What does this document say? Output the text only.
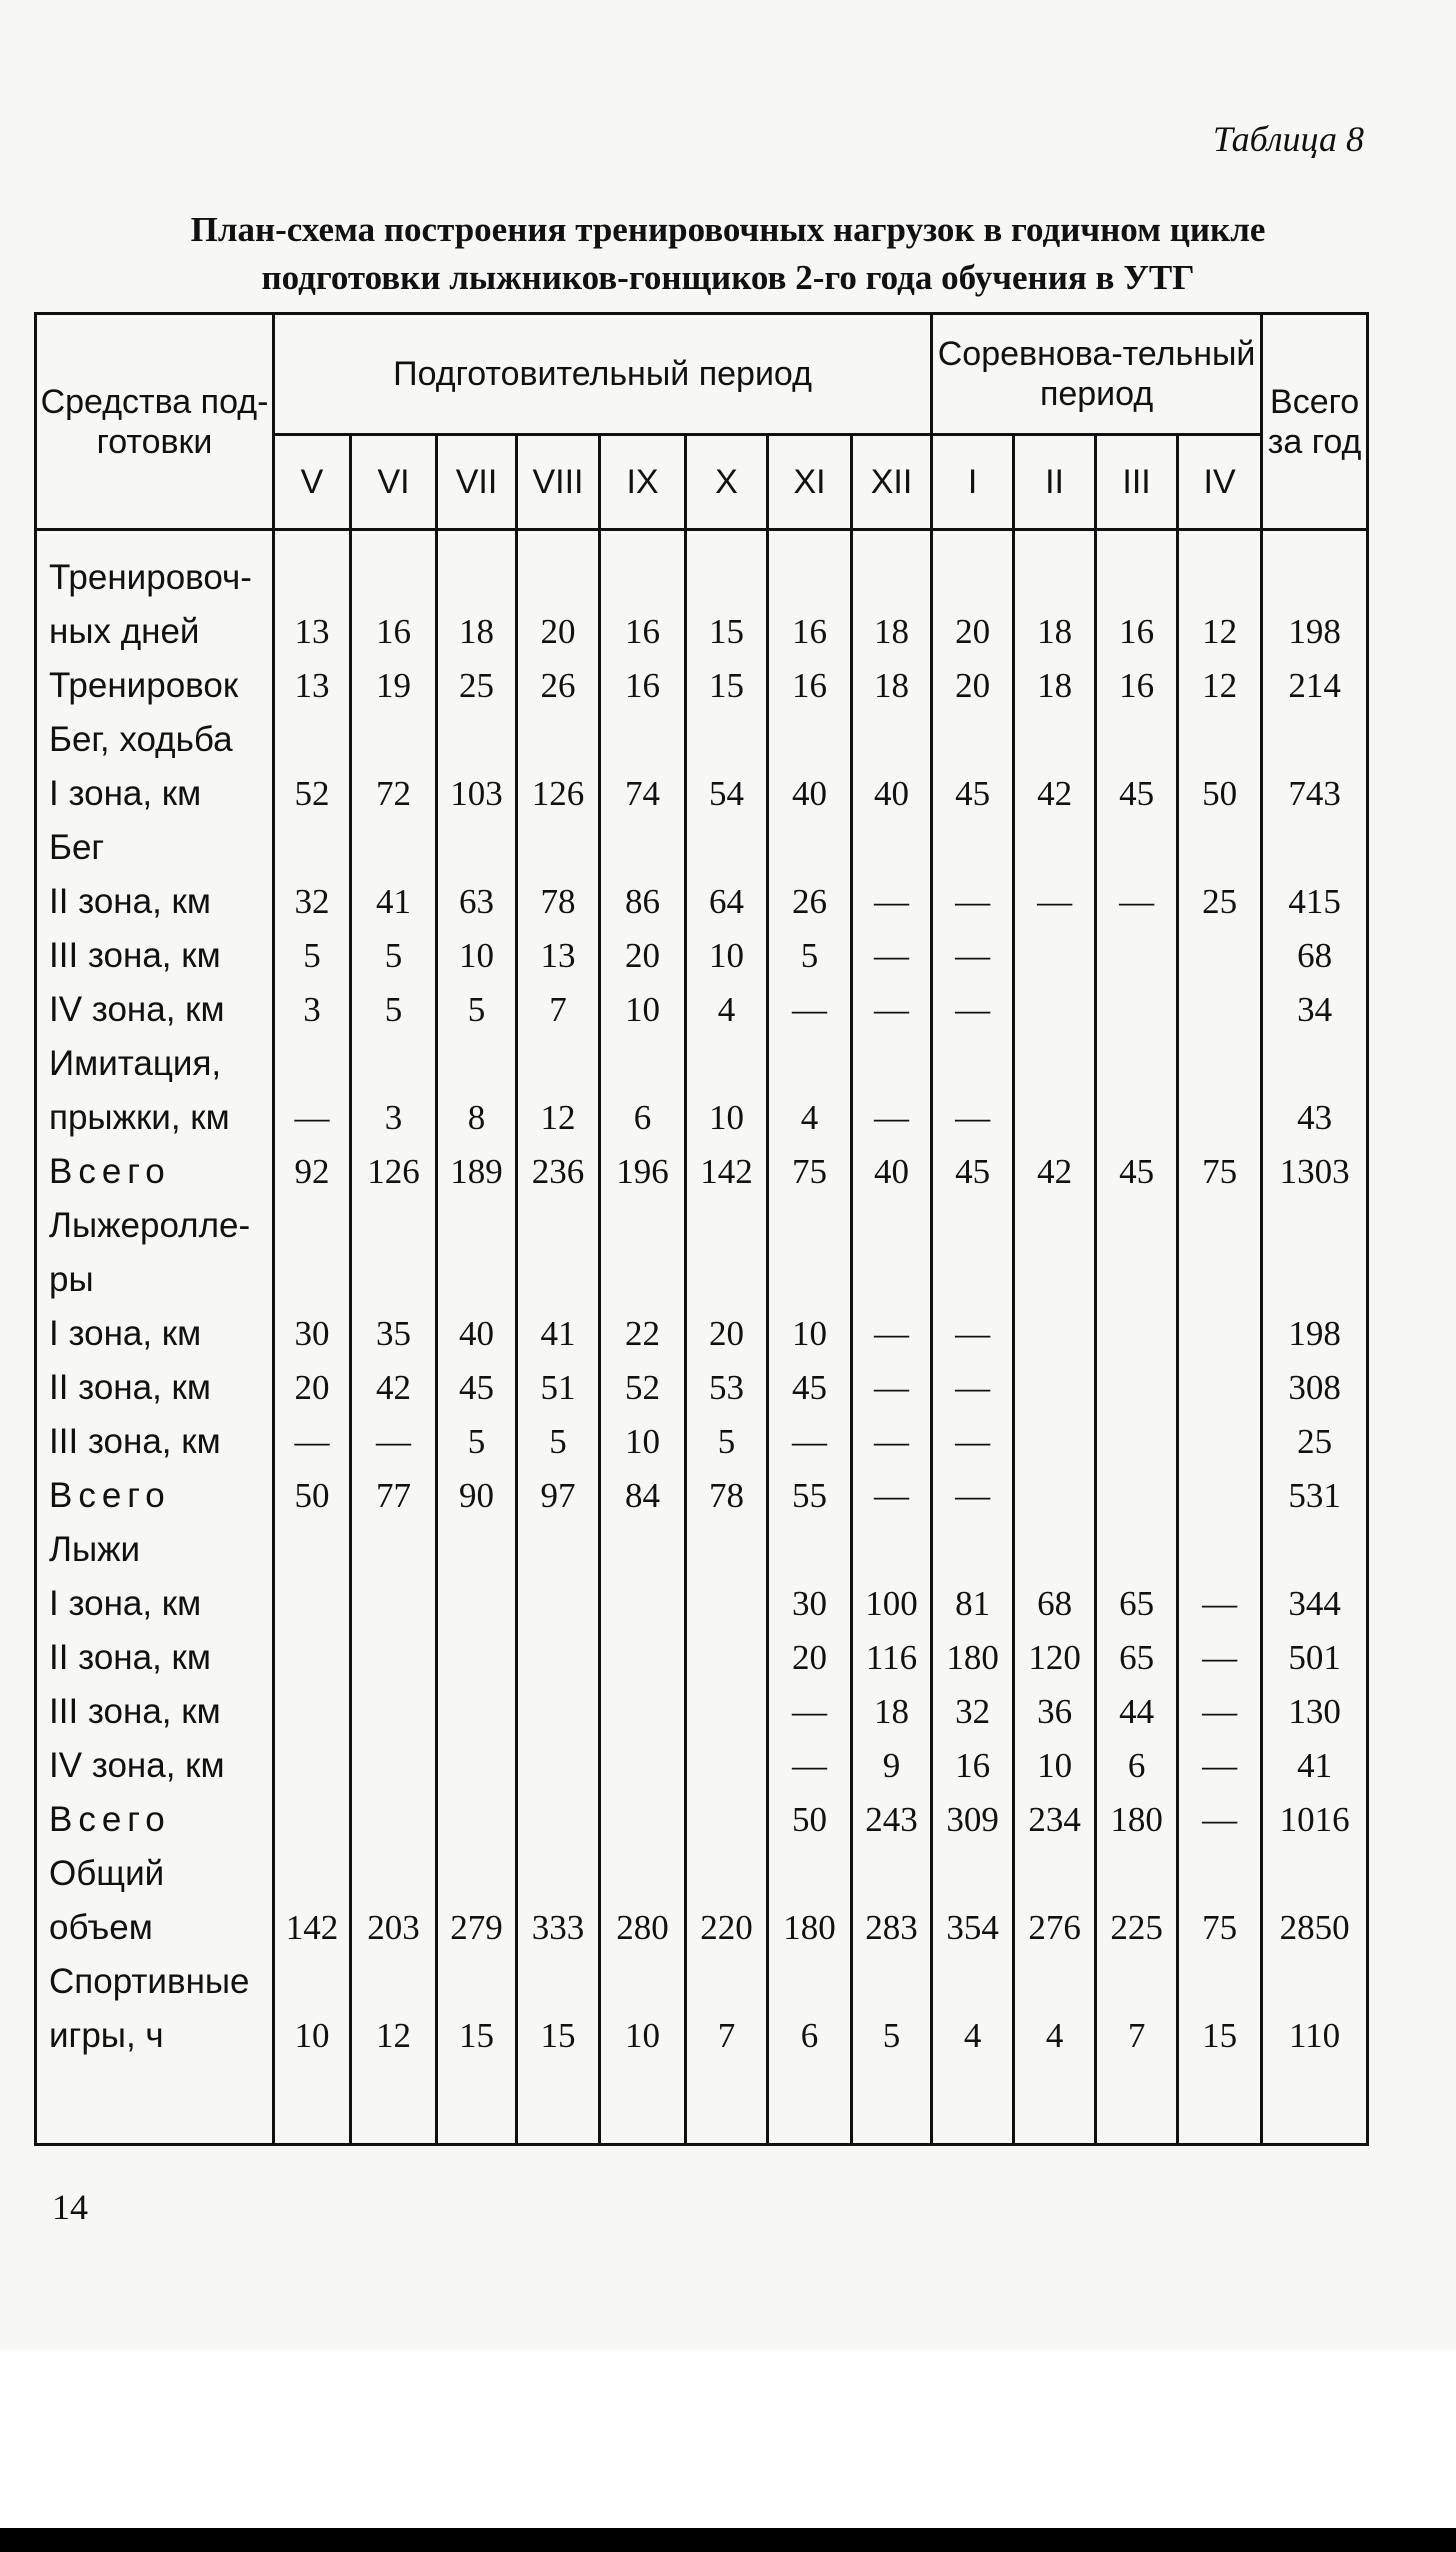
Таблица 8
План-схема построения тренировочных нагрузок в годичном цикле
подготовки лыжников-гонщиков 2-го года обучения в УТГ
Средства под-готовки	Подготовительный период								Соревнова-тельный период				Всего за год
	V	VI	VII	VIII	IX	X	XI	XII	I	II	III	IV	
Тренировоч-													
ных дней	13	16	18	20	16	15	16	18	20	18	16	12	198
Тренировок	13	19	25	26	16	15	16	18	20	18	16	12	214
Бег, ходьба													
I зона, км	52	72	103	126	74	54	40	40	45	42	45	50	743
Бег													
II зона, км	32	41	63	78	86	64	26	—	—	—	—	25	415
III зона, км	5	5	10	13	20	10	5	—	—				68
IV зона, км	3	5	5	7	10	4	—	—	—				34
Имитация,													
прыжки, км	—	3	8	12	6	10	4	—	—				43
Всего	92	126	189	236	196	142	75	40	45	42	45	75	1303
Лыжеролле-													
ры													
I зона, км	30	35	40	41	22	20	10	—	—				198
II зона, км	20	42	45	51	52	53	45	—	—				308
III зона, км	—	—	5	5	10	5	—	—	—				25
Всего	50	77	90	97	84	78	55	—	—				531
Лыжи													
I зона, км							30	100	81	68	65	—	344
II зона, км							20	116	180	120	65	—	501
III зона, км							—	18	32	36	44	—	130
IV зона, км							—	9	16	10	6	—	41
Всего							50	243	309	234	180	—	1016
Общий													
объем	142	203	279	333	280	220	180	283	354	276	225	75	2850
Спортивные													
игры, ч	10	12	15	15	10	7	6	5	4	4	7	15	110
14
